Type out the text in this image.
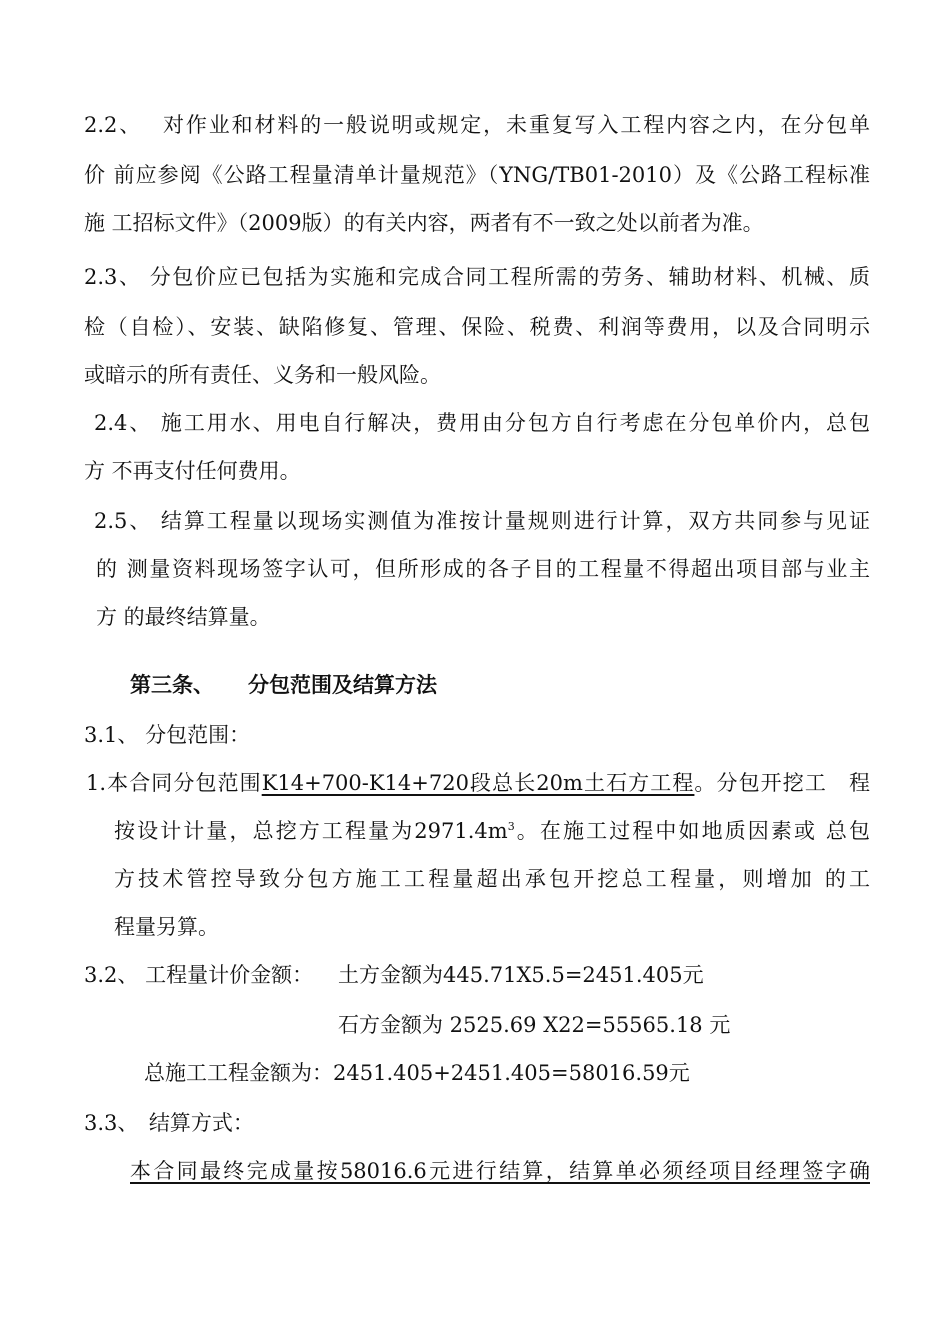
2.2、　 对作业和材料的一般说明或规定，未重复写入工程内容之内，在分包单
价 前应参阅《公路工程量清单计量规范》（YNG/TB01-2010）及《公路工程标准
施 工招标文件》（2009版）的有关内容，两者有不一致之处以前者为准。
2.3、 分包价应已包括为实施和完成合同工程所需的劳务、辅助材料、机械、质
检（自检）、安装、缺陷修复、管理、保险、税费、利润等费用，以及合同明示
或暗示的所有责任、义务和一般风险。
2.4、 施工用水、用电自行解决，费用由分包方自行考虑在分包单价内，总包
方 不再支付任何费用。
2.5、 结算工程量以现场实测值为准按计量规则进行计算，双方共同参与见证
的 测量资料现场签字认可，但所形成的各子目的工程量不得超出项目部与业主
方 的最终结算量。
第三条、 分包范围及结算方法
3.1、 分包范围：
1.本合同分包范围K14+700-K14+720段总长20m土石方工程。分包开挖工　程
按设计计量，总挖方工程量为$2971.4m^3$。在施工过程中如地质因素或 总包
方技术管控导致分包方施工工程量超出承包开挖总工程量，则增加 的工
程量另算。
3.2、 工程量计价金额： 土方金额为445.71X5.5=2451.405元
石方金额为 2525.69 X22=55565.18 元
总施工工程金额为：2451.405+2451.405=58016.59元
3.3、　结算方式：
本合同最终完成量按58016.6元进行结算，结算单必须经项目经理签字确
